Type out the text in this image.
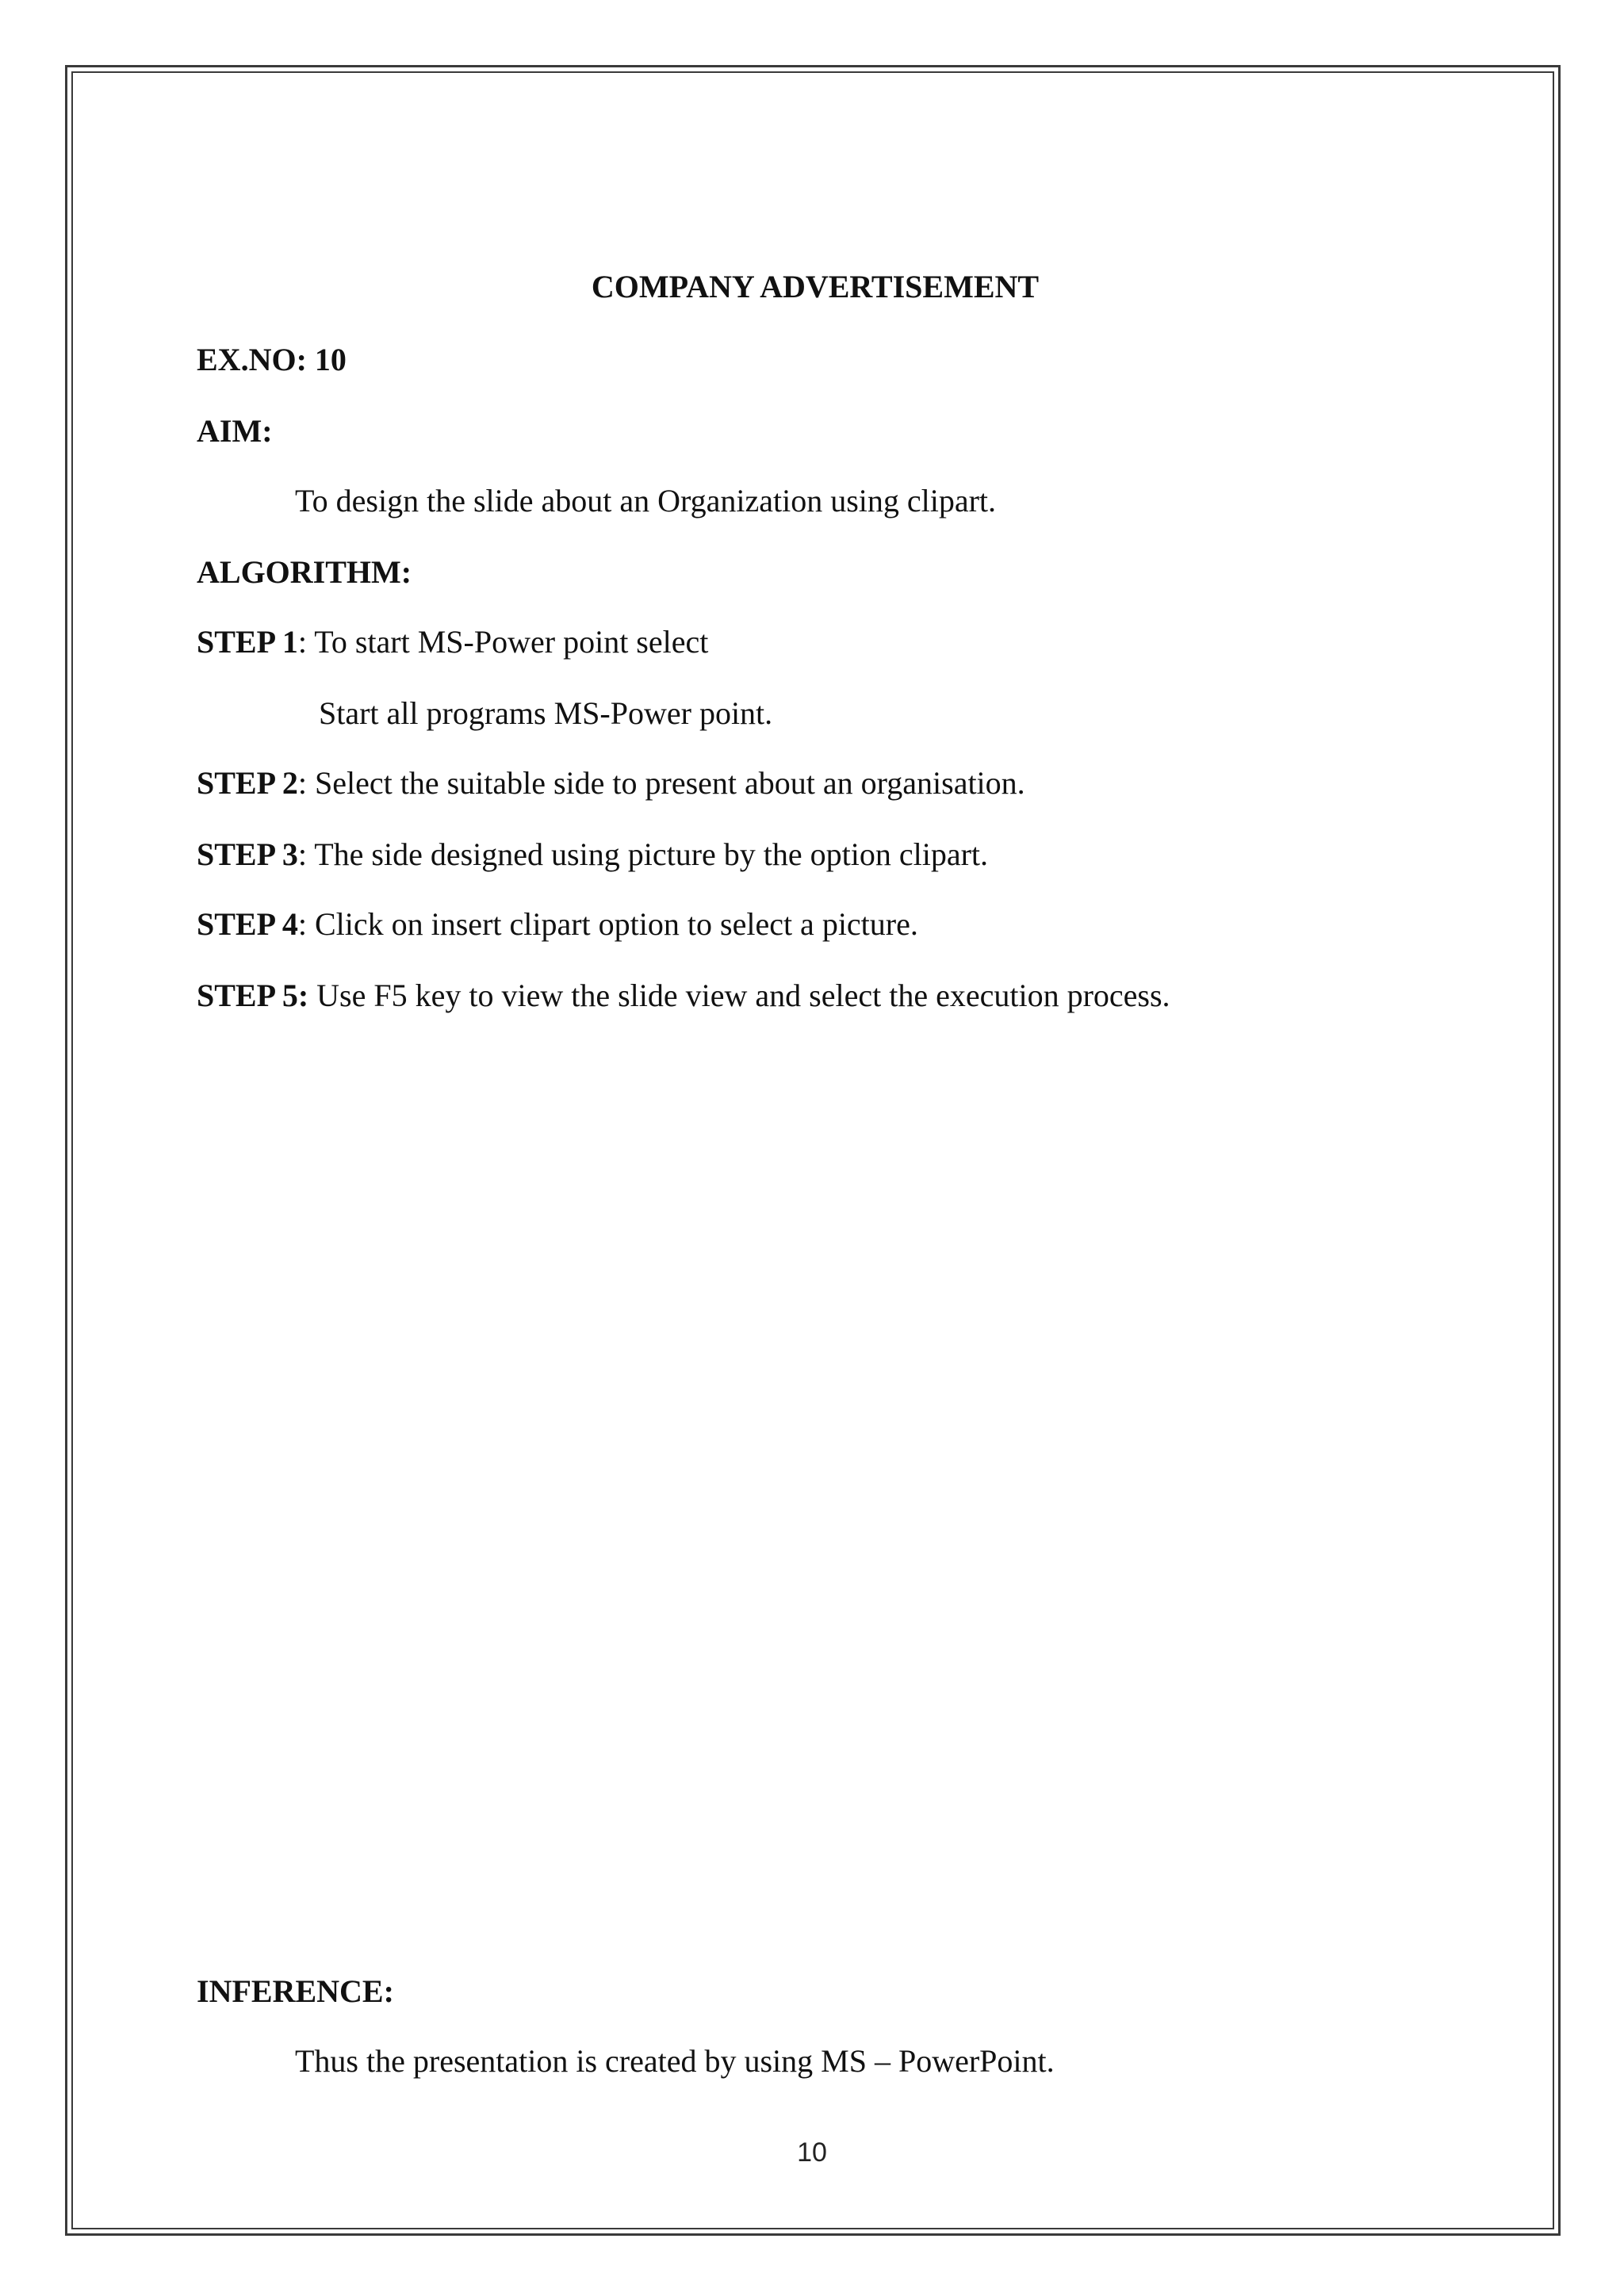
COMPANY ADVERTISEMENT
EX.NO: 10
AIM:
To design the slide about an Organization using clipart.
ALGORITHM:
STEP 1: To start MS-Power point select
Start all programs MS-Power point.
STEP 2: Select the suitable side to present about an organisation.
STEP 3: The side designed using picture by the option clipart.
STEP 4: Click on insert clipart option to select a picture.
STEP 5: Use F5 key to view the slide view and select the execution process.
INFERENCE:
Thus the presentation is created by using MS – PowerPoint.
10
